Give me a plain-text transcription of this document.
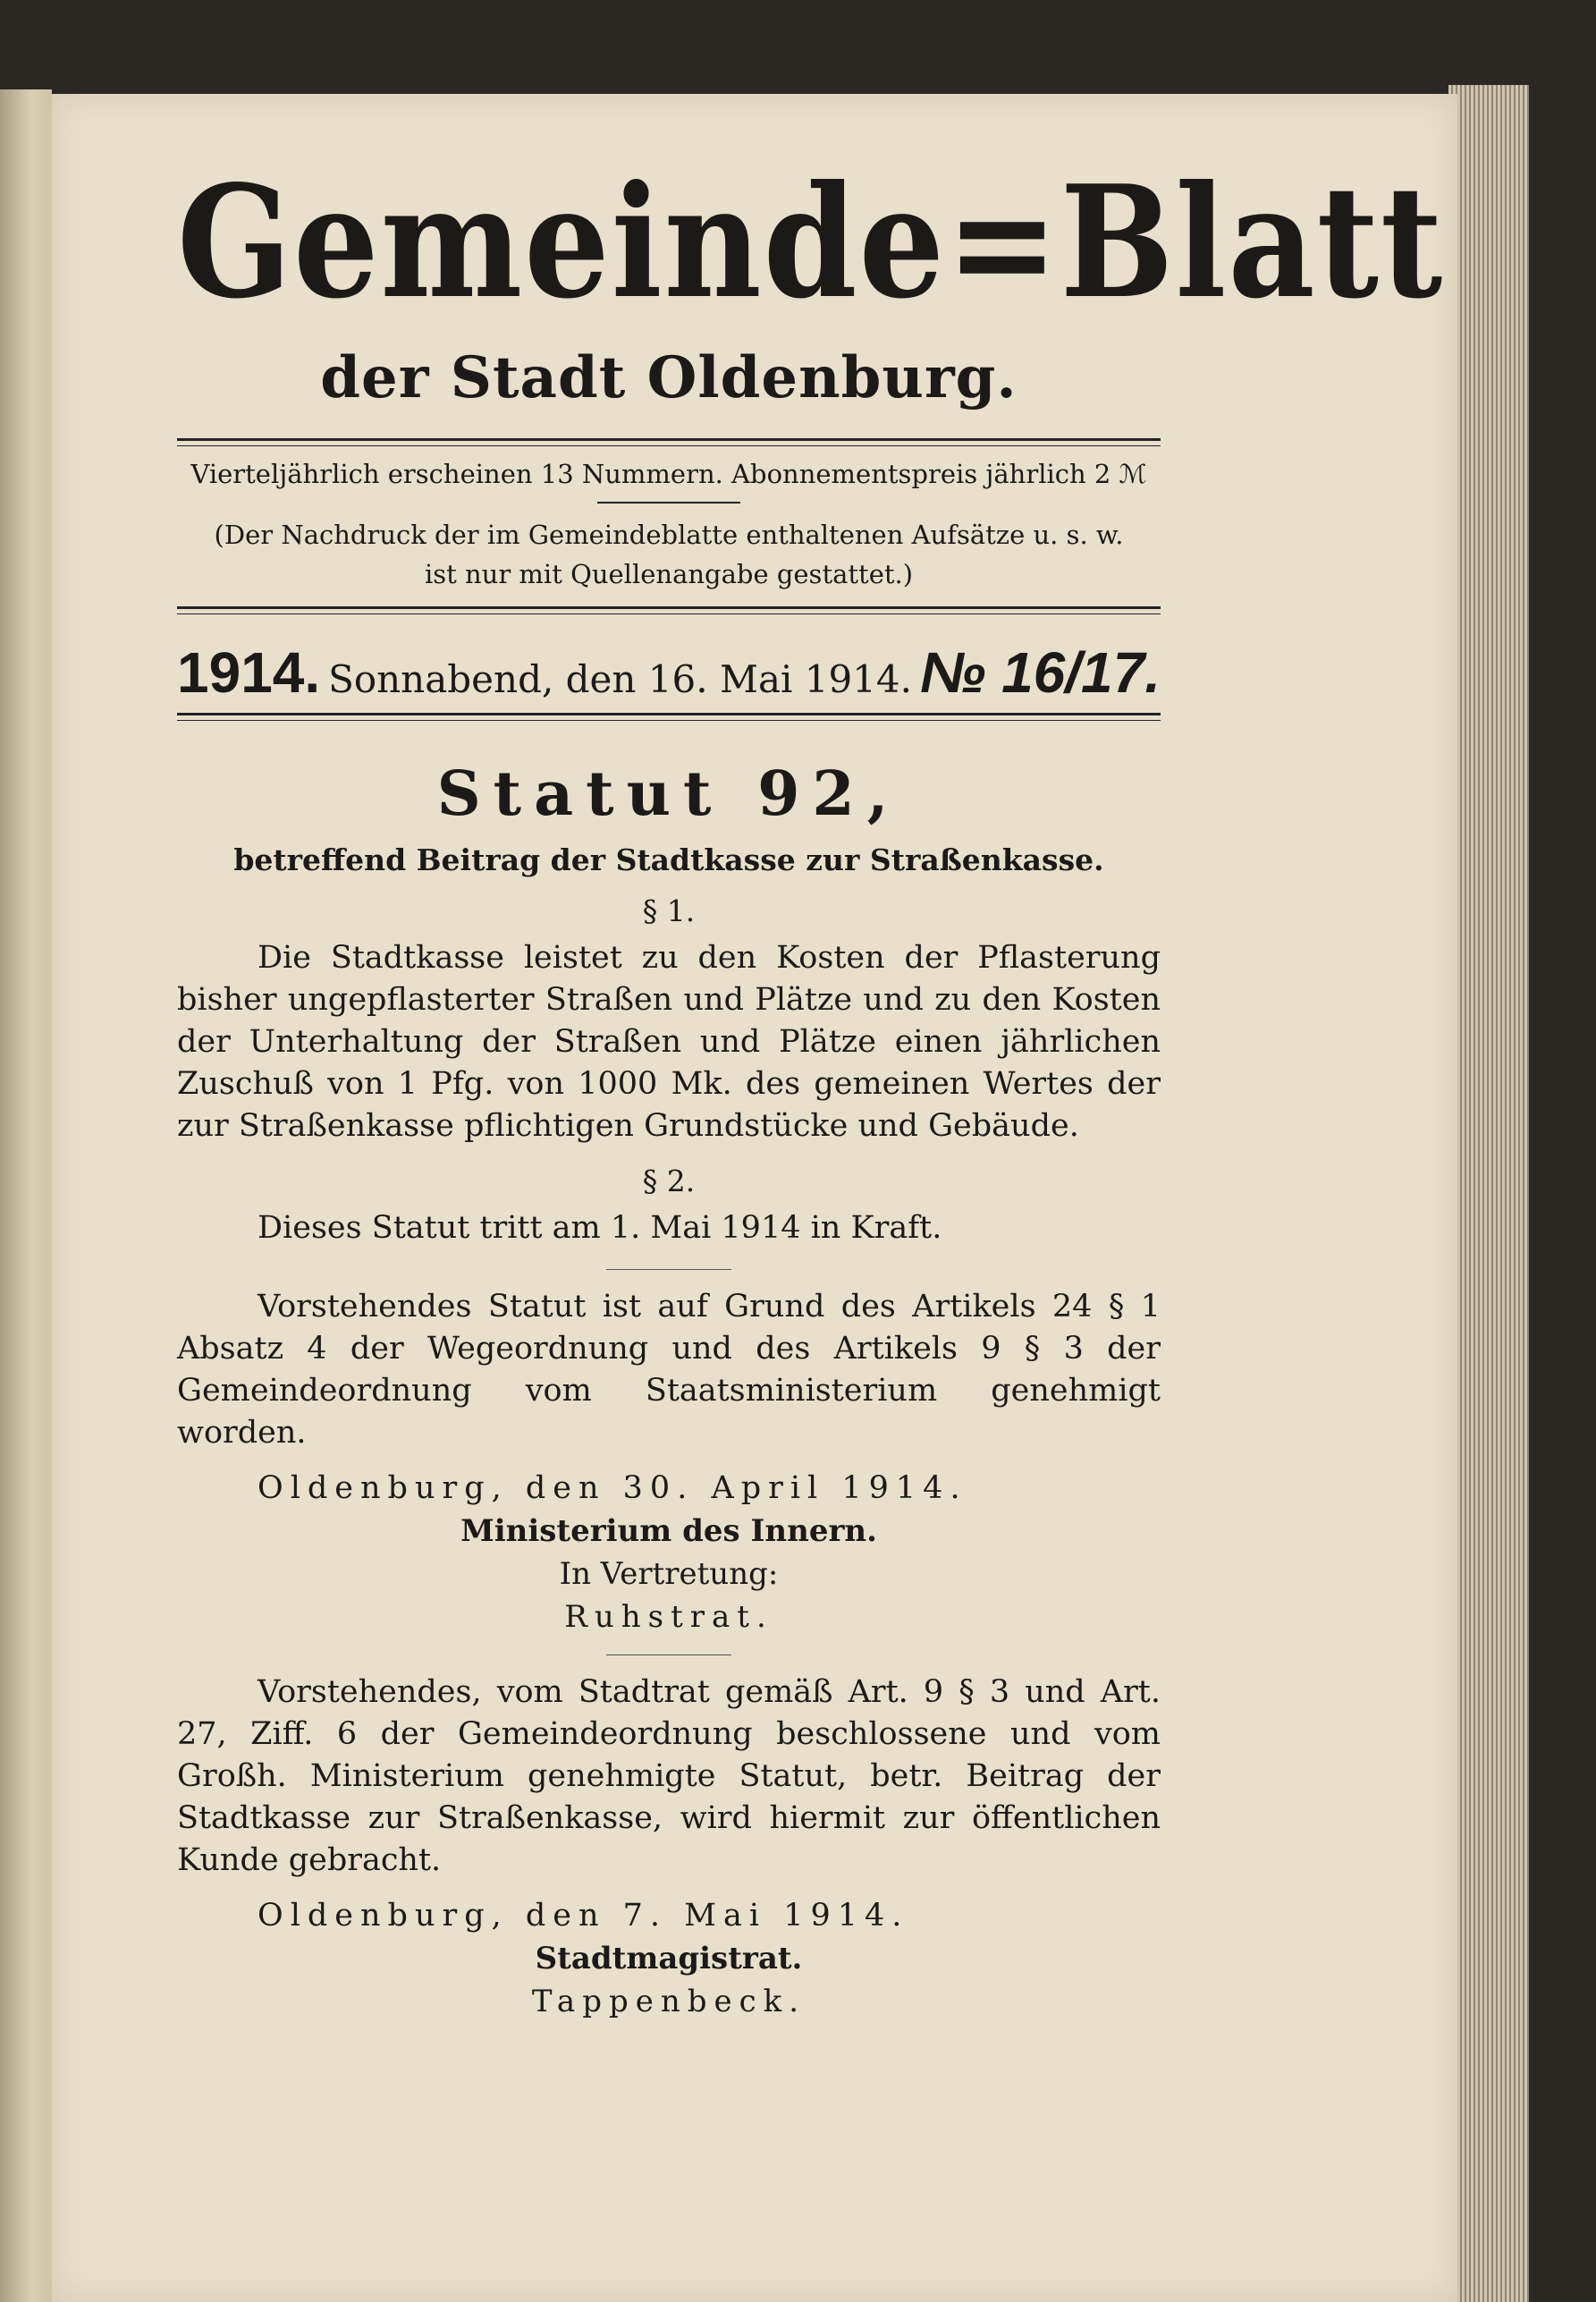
Gemeinde=Blatt
der Stadt Oldenburg.
Vierteljährlich erscheinen 13 Nummern. Abonnementspreis jährlich 2 ℳ
(Der Nachdruck der im Gemeindeblatte enthaltenen Aufsätze u. s. w.
ist nur mit Quellenangabe gestattet.)
1914. Sonnabend, den 16. Mai 1914. № 16/17.
Statut 92,
betreffend Beitrag der Stadtkasse zur Straßenkasse.
§ 1.

Die Stadtkasse leistet zu den Kosten der Pflasterung bisher ungepflasterter Straßen und Plätze und zu den Kosten der Unterhaltung der Straßen und Plätze einen jährlichen Zuschuß von 1 Pfg. von 1000 Mk. des gemeinen Wertes der zur Straßenkasse pflichtigen Grundstücke und Gebäude.

§ 2.

Dieses Statut tritt am 1. Mai 1914 in Kraft.

Vorstehendes Statut ist auf Grund des Artikels 24 § 1 Absatz 4 der Wegeordnung und des Artikels 9 § 3 der Gemeindeordnung vom Staatsministerium genehmigt worden.

Oldenburg, den 30. April 1914.
Ministerium des Innern.
In Vertretung:
Ruhstrat.

Vorstehendes, vom Stadtrat gemäß Art. 9 § 3 und Art. 27, Ziff. 6 der Gemeindeordnung beschlossene und vom Großh. Ministerium genehmigte Statut, betr. Beitrag der Stadtkasse zur Straßenkasse, wird hiermit zur öffentlichen Kunde gebracht.

Oldenburg, den 7. Mai 1914.
Stadtmagistrat.
Tappenbeck.
